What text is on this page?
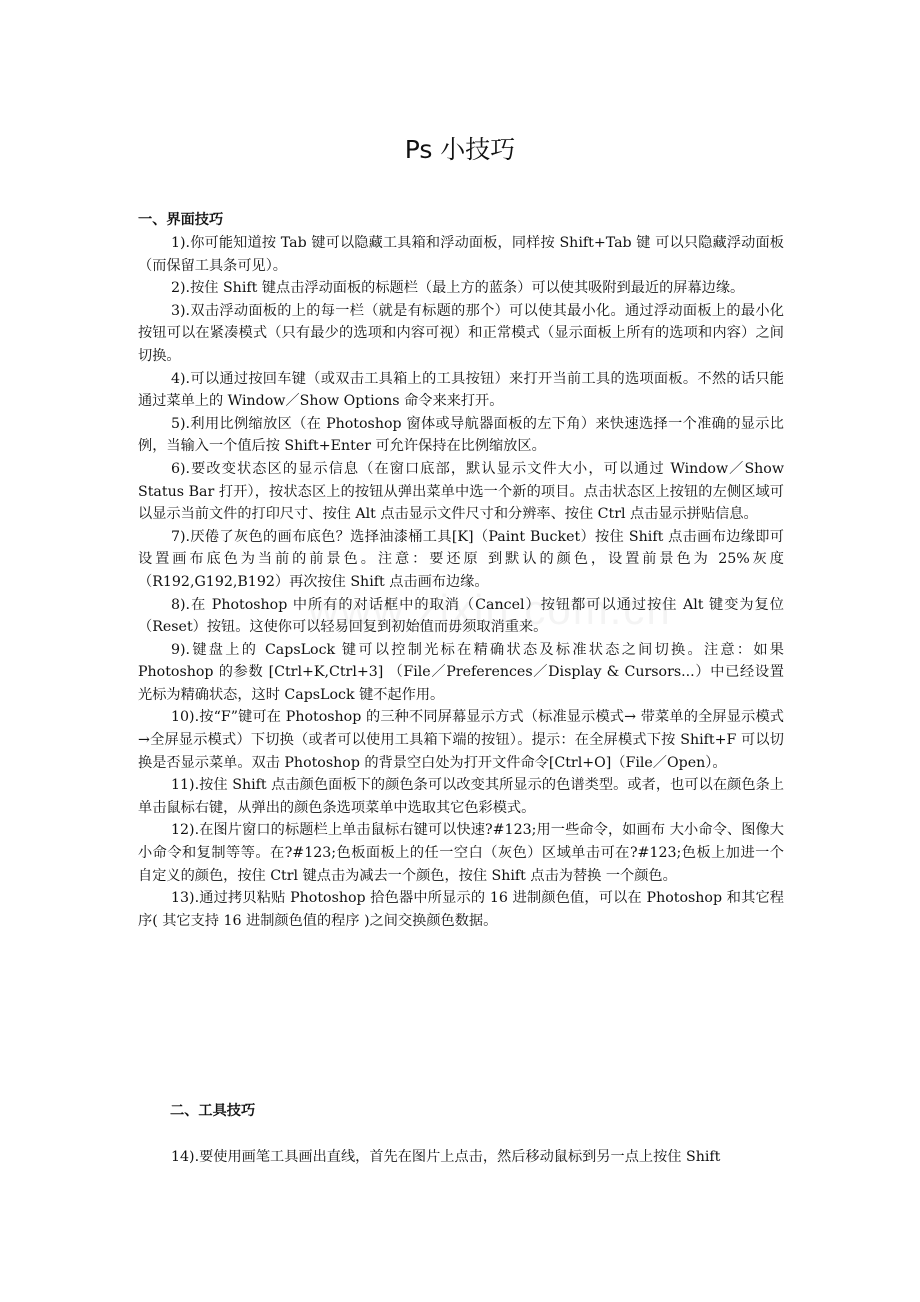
Ps 小技巧
一、界面技巧

1).你可能知道按 Tab 键可以隐藏工具箱和浮动面板，同样按 Shift+Tab 键 可以只隐藏浮动面板（而保留工具条可见）。

2).按住 Shift 键点击浮动面板的标题栏（最上方的蓝条）可以使其吸附到最近的屏幕边缘。

3).双击浮动面板的上的每一栏（就是有标题的那个）可以使其最小化。通过浮动面板上的最小化按钮可以在紧凑模式（只有最少的选项和内容可视）和正常模式（显示面板上所有的选项和内容）之间切换。

4).可以通过按回车键（或双击工具箱上的工具按钮）来打开当前工具的选项面板。不然的话只能通过菜单上的 Window／Show Options 命令来来打开。

5).利用比例缩放区（在 Photoshop 窗体或导航器面板的左下角）来快速选择一个准确的显示比例，当输入一个值后按 Shift+Enter 可允许保持在比例缩放区。

6).要改变状态区的显示信息（在窗口底部，默认显示文件大小，可以通过 Window／Show Status Bar 打开），按状态区上的按钮从弹出菜单中选一个新的项目。点击状态区上按钮的左侧区域可以显示当前文件的打印尺寸、按住 Alt 点击显示文件尺寸和分辨率、按住 Ctrl 点击显示拼贴信息。

7).厌倦了灰色的画布底色？选择油漆桶工具[K]（Paint Bucket）按住 Shift 点击画布边缘即可设置画布底色为当前的前景色。注意：要还原 到默认的颜色，设置前景色为 25%灰度（R192,G192,B192）再次按住 Shift 点击画布边缘。

8).在 Photoshop 中所有的对话框中的取消（Cancel）按钮都可以通过按住 Alt 键变为复位（Reset）按钮。这使你可以轻易回复到初始值而毋须取消重来。

9).键盘上的 CapsLock 键可以控制光标在精确状态及标准状态之间切换。注意：如果 Photoshop 的参数 [Ctrl+K,Ctrl+3] （File／Preferences／Display & Cursors...）中已经设置光标为精确状态，这时 CapsLock 键不起作用。

10).按“F”键可在 Photoshop 的三种不同屏幕显示方式（标准显示模式→ 带菜单的全屏显示模式→全屏显示模式）下切换（或者可以使用工具箱下端的按钮）。提示：在全屏模式下按 Shift+F 可以切换是否显示菜单。双击 Photoshop 的背景空白处为打开文件命令[Ctrl+O]（File／Open）。

11).按住 Shift 点击颜色面板下的颜色条可以改变其所显示的色谱类型。或者，也可以在颜色条上单击鼠标右键，从弹出的颜色条选项菜单中选取其它色彩模式。

12).在图片窗口的标题栏上单击鼠标右键可以快速?#123;用一些命令，如画布 大小命令、图像大小命令和复制等等。在?#123;色板面板上的任一空白（灰色）区域单击可在?#123;色板上加进一个 自定义的颜色，按住 Ctrl 键点击为减去一个颜色，按住 Shift 点击为替换 一个颜色。

13).通过拷贝粘贴 Photoshop 拾色器中所显示的 16 进制颜色值，可以在 Photoshop 和其它程序( 其它支持 16 进制颜色值的程序 )之间交换颜色数据。

二、工具技巧

14).要使用画笔工具画出直线，首先在图片上点击，然后移动鼠标到另一点上按住 Shift
